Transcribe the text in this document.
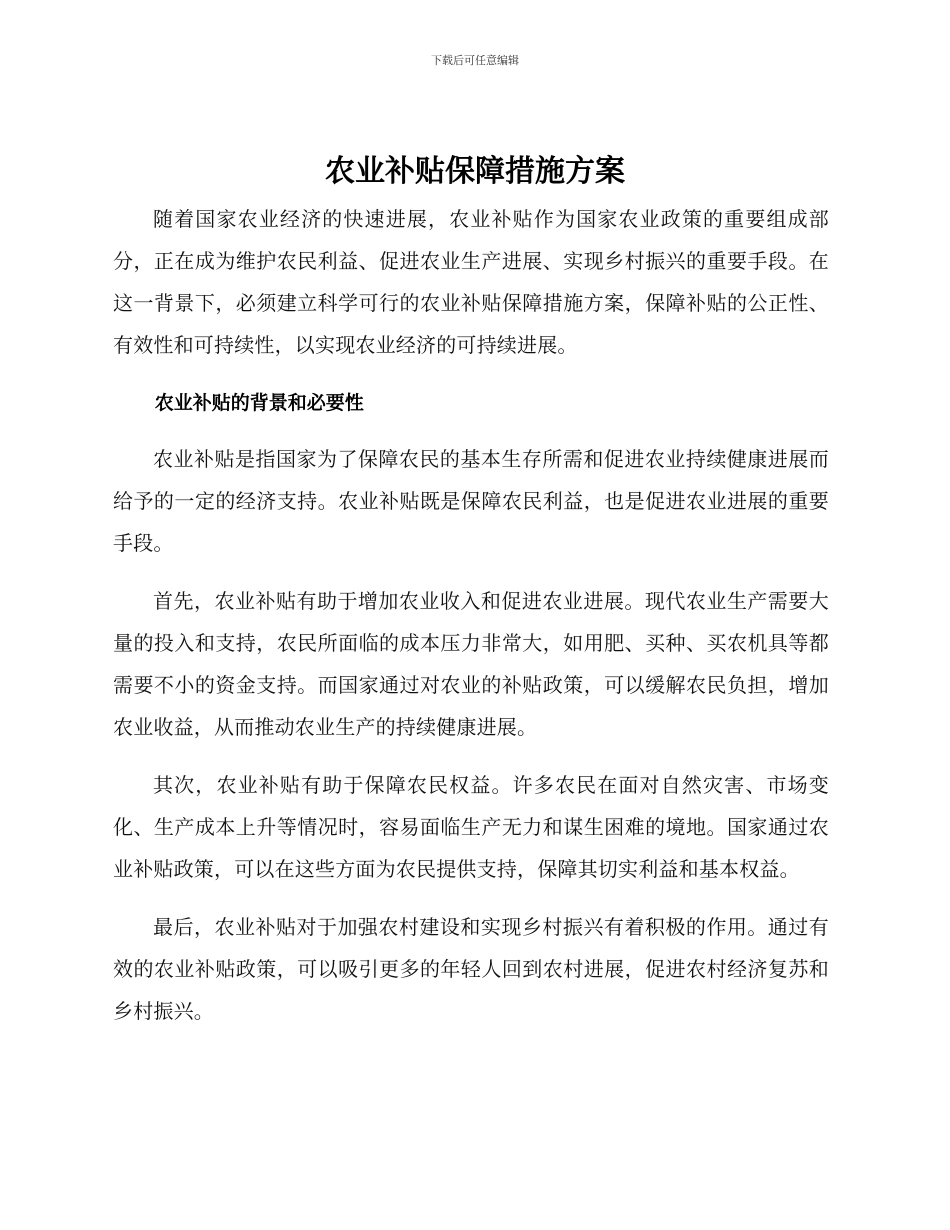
下载后可任意编辑
农业补贴保障措施方案

随着国家农业经济的快速进展，农业补贴作为国家农业政策的重要组成部分，正在成为维护农民利益、促进农业生产进展、实现乡村振兴的重要手段。在这一背景下，必须建立科学可行的农业补贴保障措施方案，保障补贴的公正性、有效性和可持续性，以实现农业经济的可持续进展。

农业补贴的背景和必要性

农业补贴是指国家为了保障农民的基本生存所需和促进农业持续健康进展而给予的一定的经济支持。农业补贴既是保障农民利益，也是促进农业进展的重要手段。

首先，农业补贴有助于增加农业收入和促进农业进展。现代农业生产需要大量的投入和支持，农民所面临的成本压力非常大，如用肥、买种、买农机具等都需要不小的资金支持。而国家通过对农业的补贴政策，可以缓解农民负担，增加农业收益，从而推动农业生产的持续健康进展。

其次，农业补贴有助于保障农民权益。许多农民在面对自然灾害、市场变化、生产成本上升等情况时，容易面临生产无力和谋生困难的境地。国家通过农业补贴政策，可以在这些方面为农民提供支持，保障其切实利益和基本权益。

最后，农业补贴对于加强农村建设和实现乡村振兴有着积极的作用。通过有效的农业补贴政策，可以吸引更多的年轻人回到农村进展，促进农村经济复苏和乡村振兴。
